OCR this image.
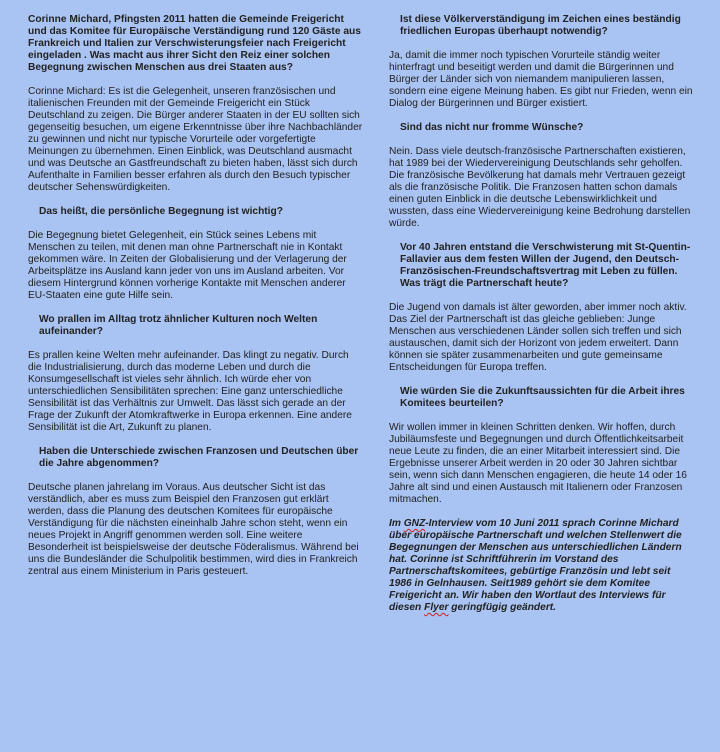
Corinne Michard, Pfingsten 2011 hatten die Gemeinde Freigericht und das Komitee für Europäische Verständigung rund 120 Gäste aus Frankreich und Italien zur Verschwisterungsfeier nach Freigericht eingeladen . Was macht aus ihrer Sicht den Reiz einer solchen Begegnung zwischen Menschen aus drei Staaten aus?

Corinne Michard: Es ist die Gelegenheit, unseren französischen und italienischen Freunden mit der Gemeinde Freigericht ein Stück Deutschland zu zeigen. Die Bürger anderer Staaten in der EU sollten sich gegenseitig besuchen, um eigene Erkenntnisse über ihre Nachbachländer zu gewinnen und nicht nur typische Vorurteile oder vorgefertigte Meinungen zu übernehmen. Einen Einblick, was Deutschland ausmacht und was Deutsche an Gastfreundschaft zu bieten haben, lässt sich durch Aufenthalte in Familien besser erfahren als durch den Besuch typischer deutscher Sehenswürdigkeiten.

Das heißt, die persönliche Begegnung ist wichtig?

Die Begegnung bietet Gelegenheit, ein Stück seines Lebens mit Menschen zu teilen, mit denen man ohne Partnerschaft nie in Kontakt gekommen wäre. In Zeiten der Globalisierung und der Verlagerung der Arbeitsplätze ins Ausland kann jeder von uns im Ausland arbeiten. Vor diesem Hintergrund können vorherige Kontakte mit Menschen anderer EU-Staaten eine gute Hilfe sein.

Wo prallen im Alltag trotz ähnlicher Kulturen noch Welten aufeinander?

Es prallen keine Welten mehr aufeinander. Das klingt zu negativ. Durch die Industrialisierung, durch das moderne Leben und durch die Konsumgesellschaft ist vieles sehr ähnlich. Ich würde eher von unterschiedlichen Sensibilitäten sprechen: Eine ganz unterschiedliche Sensibilität ist das Verhältnis zur Umwelt. Das lässt sich gerade an der Frage der Zukunft der Atomkraftwerke in Europa erkennen. Eine andere Sensibilität ist die Art, Zukunft zu planen.

Haben die Unterschiede zwischen Franzosen und Deutschen über die Jahre abgenommen?

Deutsche planen jahrelang im Voraus. Aus deutscher Sicht ist das verständlich, aber es muss zum Beispiel den Franzosen gut erklärt werden, dass die Planung des deutschen Komitees für europäische Verständigung für die nächsten eineinhalb Jahre schon steht, wenn ein neues Projekt in Angriff genommen werden soll. Eine weitere Besonderheit ist beispielsweise der deutsche Föderalismus. Während bei uns die Bundesländer die Schulpolitik bestimmen, wird dies in Frankreich zentral aus einem Ministerium in Paris gesteuert.

Ist diese Völkerverständigung im Zeichen eines beständig friedlichen Europas überhaupt notwendig?

Ja, damit die immer noch typischen Vorurteile ständig weiter hinterfragt und beseitigt werden und damit die Bürgerinnen und Bürger der Länder sich von niemandem manipulieren lassen, sondern eine eigene Meinung haben. Es gibt nur Frieden, wenn ein Dialog der Bürgerinnen und Bürger existiert.

Sind das nicht nur fromme Wünsche?

Nein. Dass viele deutsch-französische Partnerschaften existieren, hat 1989 bei der Wiedervereinigung Deutschlands sehr geholfen. Die französische Bevölkerung hat damals mehr Vertrauen gezeigt als die französische Politik. Die Franzosen hatten schon damals einen guten Einblick in die deutsche Lebenswirklichkeit und wussten, dass eine Wiedervereinigung keine Bedrohung darstellen würde.

Vor 40 Jahren entstand die Verschwisterung mit St-Quentin-Fallavier aus dem festen Willen der Jugend, den Deutsch-Französischen-Freundschaftsvertrag mit Leben zu füllen. Was trägt die Partnerschaft heute?

Die Jugend von damals ist älter geworden, aber immer noch aktiv. Das Ziel der Partnerschaft ist das gleiche geblieben: Junge Menschen aus verschiedenen Länder sollen sich treffen und sich austauschen, damit sich der Horizont von jedem erweitert. Dann können sie später zusammenarbeiten und gute gemeinsame Entscheidungen für Europa treffen.

Wie würden Sie die Zukunftsaussichten für die Arbeit ihres Komitees beurteilen?

Wir wollen immer in kleinen Schritten denken. Wir hoffen, durch Jubiläumsfeste und Begegnungen und durch Öffentlichkeitsarbeit neue Leute zu finden, die an einer Mitarbeit interessiert sind. Die Ergebnisse unserer Arbeit werden in 20 oder 30 Jahren sichtbar sein, wenn sich dann Menschen engagieren, die heute 14 oder 16 Jahre alt sind und einen Austausch mit Italienern oder Franzosen mitmachen.

Im GNZ-Interview vom 10 Juni 2011 sprach Corinne Michard über europäische Partnerschaft und welchen Stellenwert die Begegnungen der Menschen aus unterschiedlichen Ländern hat. Corinne ist Schriftführerin im Vorstand des Partnerschaftskomitees, gebürtige Französin und lebt seit 1986 in Gelnhausen. Seit1989 gehört sie dem Komitee Freigericht an. Wir haben den Wortlaut des Interviews für diesen Flyer geringfügig geändert.
